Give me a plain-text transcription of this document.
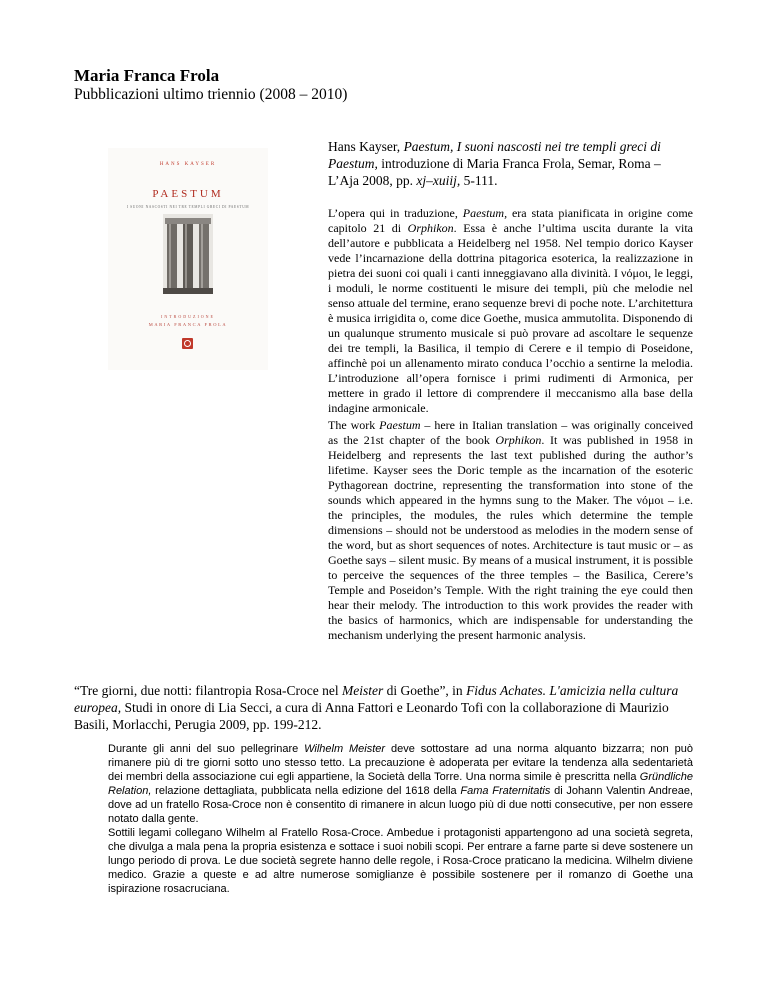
Maria Franca Frola
Pubblicazioni ultimo triennio (2008 – 2010)
HANS KAYSER
PAESTUM
I SUONI NASCOSTI NEI TRE TEMPLI GRECI DI PAESTUM
INTRODUZIONE
MARIA FRANCA FROLA

Hans Kayser, Paestum, I suoni nascosti nei tre templi greci di Paestum, introduzione di Maria Franca Frola, Semar, Roma – L’Aja 2008, pp. xj–xuiij, 5-111.

L’opera qui in traduzione, Paestum, era stata pianificata in origine come capitolo 21 di Orphikon. Essa è anche l’ultima uscita durante la vita dell’autore e pubblicata a Heidelberg nel 1958. Nel tempio dorico Kayser vede l’incarnazione della dottrina pitagorica esoterica, la realizzazione in pietra dei suoni coi quali i canti inneggiavano alla divinità. I νόμοι, le leggi, i moduli, le norme costituenti le misure dei templi, più che melodie nel senso attuale del termine, erano sequenze brevi di poche note. L’architettura è musica irrigidita o, come dice Goethe, musica ammutolita. Disponendo di un qualunque strumento musicale si può provare ad ascoltare le sequenze dei tre templi, la Basilica, il tempio di Cerere e il tempio di Poseidone, affinchè poi un allenamento mirato conduca l’occhio a sentirne la melodia. L’introduzione all’opera fornisce i primi rudimenti di Armonica, per mettere in grado il lettore di comprendere il meccanismo alla base della indagine armonicale.

The work Paestum – here in Italian translation – was originally conceived as the 21st chapter of the book Orphikon. It was published in 1958 in Heidelberg and represents the last text published during the author’s lifetime. Kayser sees the Doric temple as the incarnation of the esoteric Pythagorean doctrine, representing the transformation into stone of the sounds which appeared in the hymns sung to the Maker. The νόμοι – i.e. the principles, the modules, the rules which determine the temple dimensions – should not be understood as melodies in the modern sense of the word, but as short sequences of notes. Architecture is taut music or – as Goethe says – silent music. By means of a musical instrument, it is possible to perceive the sequences of the three temples – the Basilica, Cerere’s Temple and Poseidon’s Temple. With the right training the eye could then hear their melody. The introduction to this work provides the reader with the basics of harmonics, which are indispensable for understanding the mechanism underlying the present harmonic analysis.

“Tre giorni, due notti: filantropia Rosa-Croce nel Meister di Goethe”, in Fidus Achates. L'amicizia nella cultura europea, Studi in onore di Lia Secci, a cura di Anna Fattori e Leonardo Tofi con la collaborazione di Maurizio Basili, Morlacchi, Perugia 2009, pp. 199-212.

Durante gli anni del suo pellegrinare Wilhelm Meister deve sottostare ad una norma alquanto bizzarra; non può rimanere più di tre giorni sotto uno stesso tetto. La precauzione è adoperata per evitare la tendenza alla sedentarietà dei membri della associazione cui egli appartiene, la Società della Torre. Una norma simile è prescritta nella Gründliche Relation, relazione dettagliata, pubblicata nella edizione del 1618 della Fama Fraternitatis di Johann Valentin Andreae, dove ad un fratello Rosa-Croce non è consentito di rimanere in alcun luogo più di due notti consecutive, per non essere notato dalla gente.
Sottili legami collegano Wilhelm al Fratello Rosa-Croce. Ambedue i protagonisti appartengono ad una società segreta, che divulga a mala pena la propria esistenza e sottace i suoi nobili scopi. Per entrare a farne parte si deve sostenere un lungo periodo di prova. Le due società segrete hanno delle regole, i Rosa-Croce praticano la medicina. Wilhelm diviene medico. Grazie a queste e ad altre numerose somiglianze è possibile sostenere per il romanzo di Goethe una ispirazione rosacruciana.
